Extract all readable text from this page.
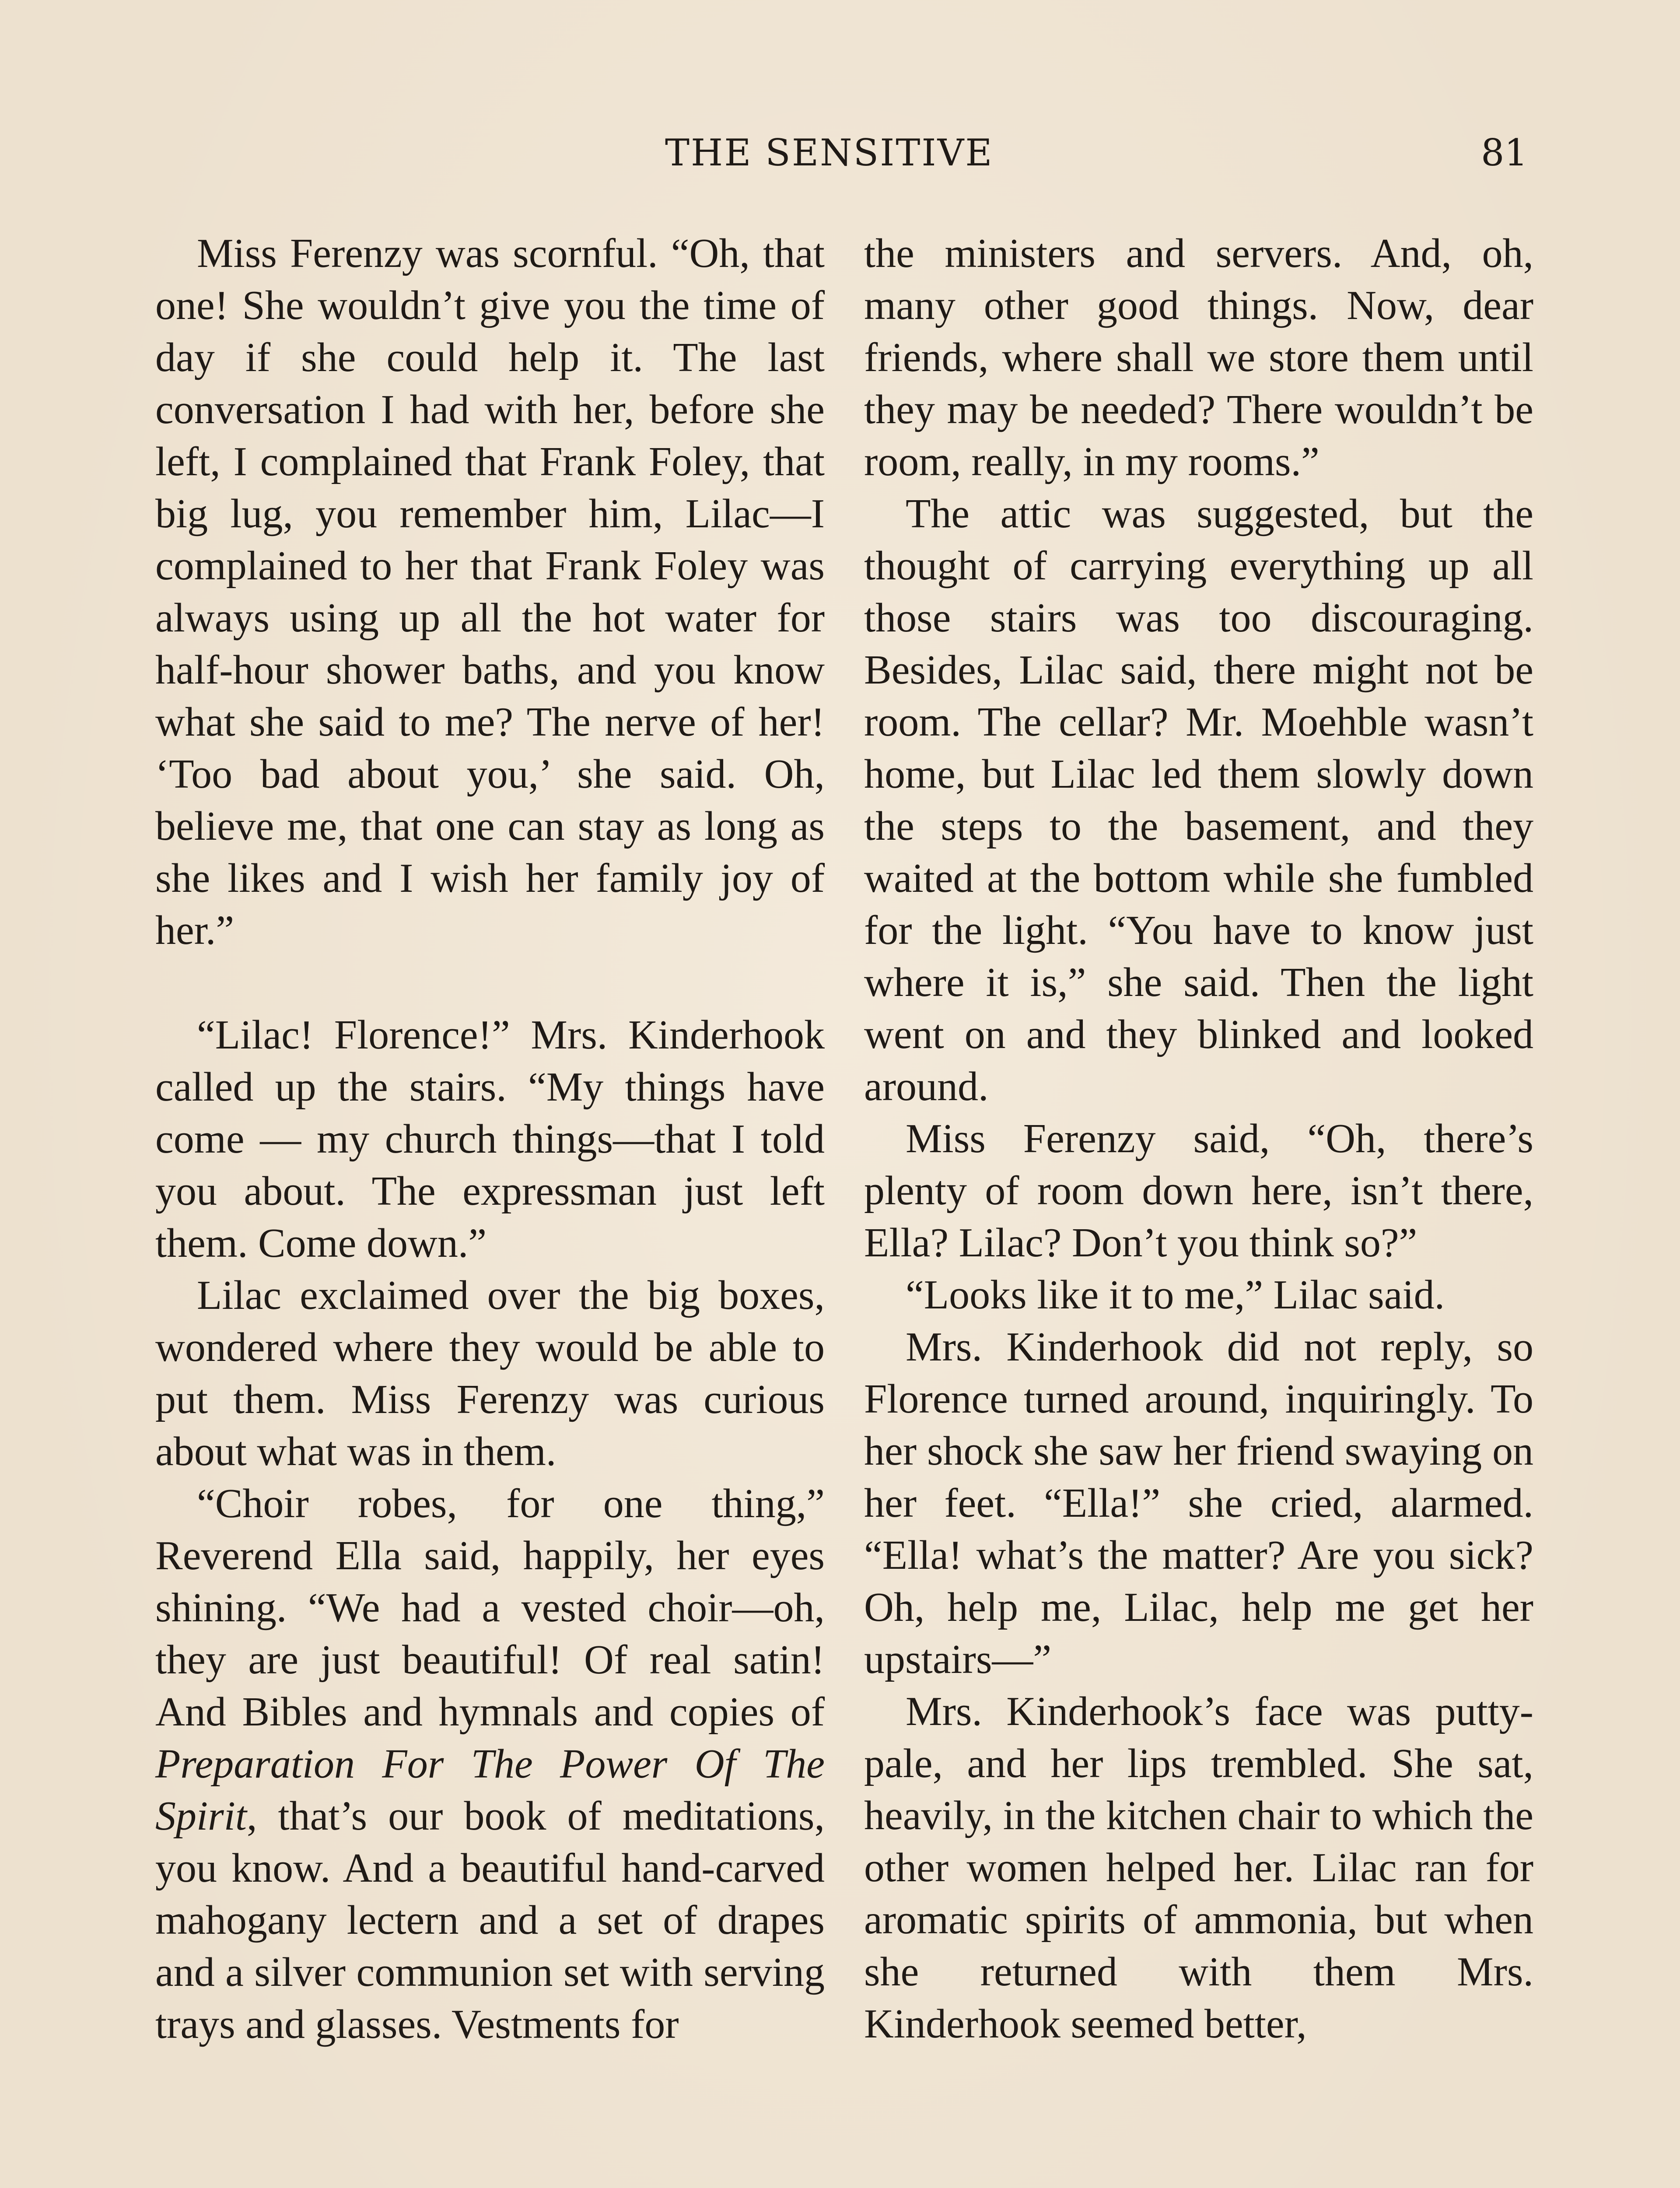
THE SENSITIVE	81

Miss Ferenzy was scornful. “Oh, that one! She wouldn’t give you the time of day if she could help it. The last conversation I had with her, before she left, I complained that Frank Foley, that big lug, you remember him, Lilac—I complained to her that Frank Foley was always using up all the hot water for half-hour shower baths, and you know what she said to me? The nerve of her! ‘Too bad about you,’ she said. Oh, believe me, that one can stay as long as she likes and I wish her family joy of her.”

“Lilac! Florence!” Mrs. Kinderhook called up the stairs. “My things have come — my church things—that I told you about. The expressman just left them. Come down.”

Lilac exclaimed over the big boxes, wondered where they would be able to put them. Miss Ferenzy was curious about what was in them.

“Choir robes, for one thing,” Reverend Ella said, happily, her eyes shining. “We had a vested choir—oh, they are just beautiful! Of real satin! And Bibles and hymnals and copies of Preparation For The Power Of The Spirit, that’s our book of meditations, you know. And a beautiful hand-carved mahogany lectern and a set of drapes and a silver communion set with serving trays and glasses. Vestments for

the ministers and servers. And, oh, many other good things. Now, dear friends, where shall we store them until they may be needed? There wouldn’t be room, really, in my rooms.”

The attic was suggested, but the thought of carrying everything up all those stairs was too discouraging. Besides, Lilac said, there might not be room. The cellar? Mr. Moehble wasn’t home, but Lilac led them slowly down the steps to the basement, and they waited at the bottom while she fumbled for the light. “You have to know just where it is,” she said. Then the light went on and they blinked and looked around.

Miss Ferenzy said, “Oh, there’s plenty of room down here, isn’t there, Ella? Lilac? Don’t you think so?”

“Looks like it to me,” Lilac said.

Mrs. Kinderhook did not reply, so Florence turned around, inquiringly. To her shock she saw her friend swaying on her feet. “Ella!” she cried, alarmed. “Ella! what’s the matter? Are you sick? Oh, help me, Lilac, help me get her upstairs—”

Mrs. Kinderhook’s face was putty-pale, and her lips trembled. She sat, heavily, in the kitchen chair to which the other women helped her. Lilac ran for aromatic spirits of ammonia, but when she returned with them Mrs. Kinderhook seemed better,
